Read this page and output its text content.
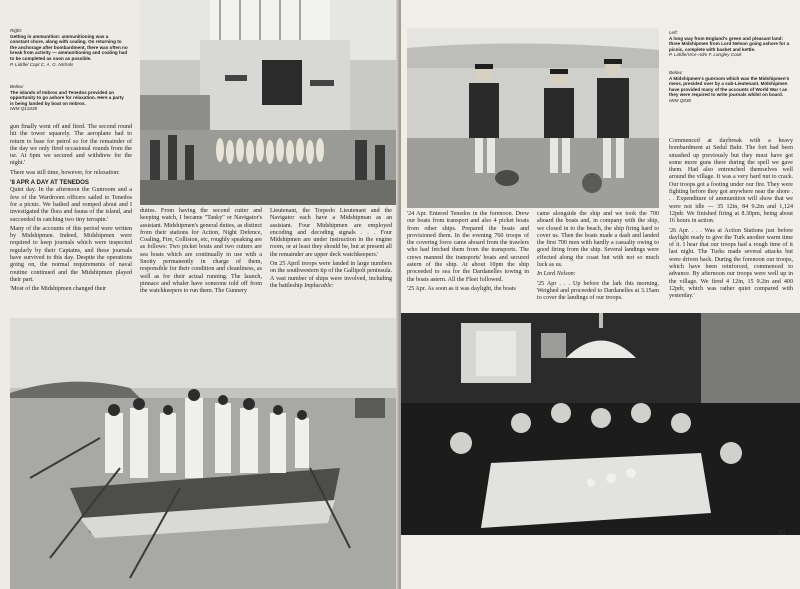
Right:
Getting in ammunition: ammunitioning was a constant chore, along with coaling. On returning to the anchorage after bombardment, there was often no break from activity — ammunitioning and coaling had to be completed as soon as possible.
P. Liddle/ Capt C. A. G. Nichols
Below:
The islands of Imbros and Tenedos provided an opportunity to go ashore for relaxation. Here a party is being landed by boat on Imbros.
IWM Q13435

gun finally went off and fired. The second round hit the tower squarely. The aeroplane had to return to base for petrol so for the remainder of the day we only fired occasional rounds from the tsr. At 6pm we secured and withdrew for the night.'

There was still time, however, for relaxation:

'8 APR A DAY AT TENEDOS

Quiet day. In the afternoon the Gunroom and a few of the Wardroom officers sailed to Tenedos for a picnic. We bathed and romped about and I investigated the flora and fauna of the island, and succeeded in catching two tiny terrapin.'

Many of the accounts of this period were written by Midshipmen. Indeed, Midshipmen were required to keep journals which were inspected regularly by their Captains, and these journals have survived to this day. Despite the operations going on, the normal requirements of naval routine continued and the Midshipmen played their part.

'Most of the Midshipmen changed their

duties. From having the second cutter and keeping watch, I became "Tanky" or Navigator's assistant. Midshipmen's general duties, as distinct from their stations for Action, Night Defence, Coaling, Fire, Collision, etc, roughly speaking are as follows: Two picket boats and two cutters are sea boats which are continually in use with a Snotty permanently in charge of them, responsible for their condition and cleanliness, as well as for their actual running. The launch, pinnace and whaler have someone told off from the watchkeepers to run them. The Gunnery

Lieutenant, the Torpedo Lieutenant and the Navigator each have a Midshipman as an assistant. Four Midshipmen are employed encoding and decoding signals . . . Four Midshipmen are under instruction in the engine room, or at least they should be, but at present all the remainder are upper deck watchkeepers.'

On 25 April troops were landed in large numbers on the southwestern tip of the Gallipoli peninsula. A vast number of ships were involved, including the battleship Implacable:

Left:
A long way from England's green and pleasant land: three Midshipmen from Lord Nelson going ashore for a picnic, complete with basket and kettle.
P. Liddle/Vice-Adm F. Langley Cook
Below:
A Midshipmen's gunroom which was the Midshipmen's mess, presided over by a sub-Lieutenant. Midshipmen have provided many of the accounts of World War I as they were required to write journals whilst on board.
IWM Q838

'24 Apr. Entered Tenedos in the forenoon. Drew our boats from transport and also 4 picket boats from other ships. Prepared the boats and provisioned them. In the evening 760 troops of the covering force came aboard from the trawlers who had fetched them from the transports. The crews manned the transports' boats and secured astern of the ship. At about 10pm the ship proceeded to sea for the Dardanelles towing in the boats astern. All the Fleet followed.

'25 Apr. As soon as it was daylight, the boats

came alongside the ship and we took the 700 aboard the boats and, in company with the ship, we closed in to the beach, the ship firing hard to cover us. Then the boats made a dash and landed the first 700 men with hardly a casualty owing to good firing from the ship. Several landings were effected along the coast but with not so much luck as us.

In Lord Nelson:

'25 Apr . . . Up before the lark this morning. Weighed and proceeded to Dardanelles at 3.15am to cover the landings of our troops.

Commenced at daybreak with a heavy bombardment at Sedul Bahr. The fort had been smashed up previously but they must have got some more guns there during the spell we gave them. Had also entrenched themselves well around the village. It was a very hard nut to crack. Our troops got a footing under our fire. They were fighting before they got anywhere near the shore . . . Expenditure of ammunition will show that we were not idle — 35 12in, 84 9.2in and 1,124 12pdr. We finished firing at 8.30pm, being about 16 hours in action.

'26 Apr. . . . Was at Action Stations just before daylight ready to give the Turk another warm time of it. I hear that our troops had a rough time of it last night. The Turks made several attacks but were driven back. During the forenoon our troops, which have been reinforced, commenced to advance. By afternoon our troops were well up in the village. We fired 4 12in, 15 9.2in and 400 12pdr, which was rather quiet compared with yesterday.'

31
